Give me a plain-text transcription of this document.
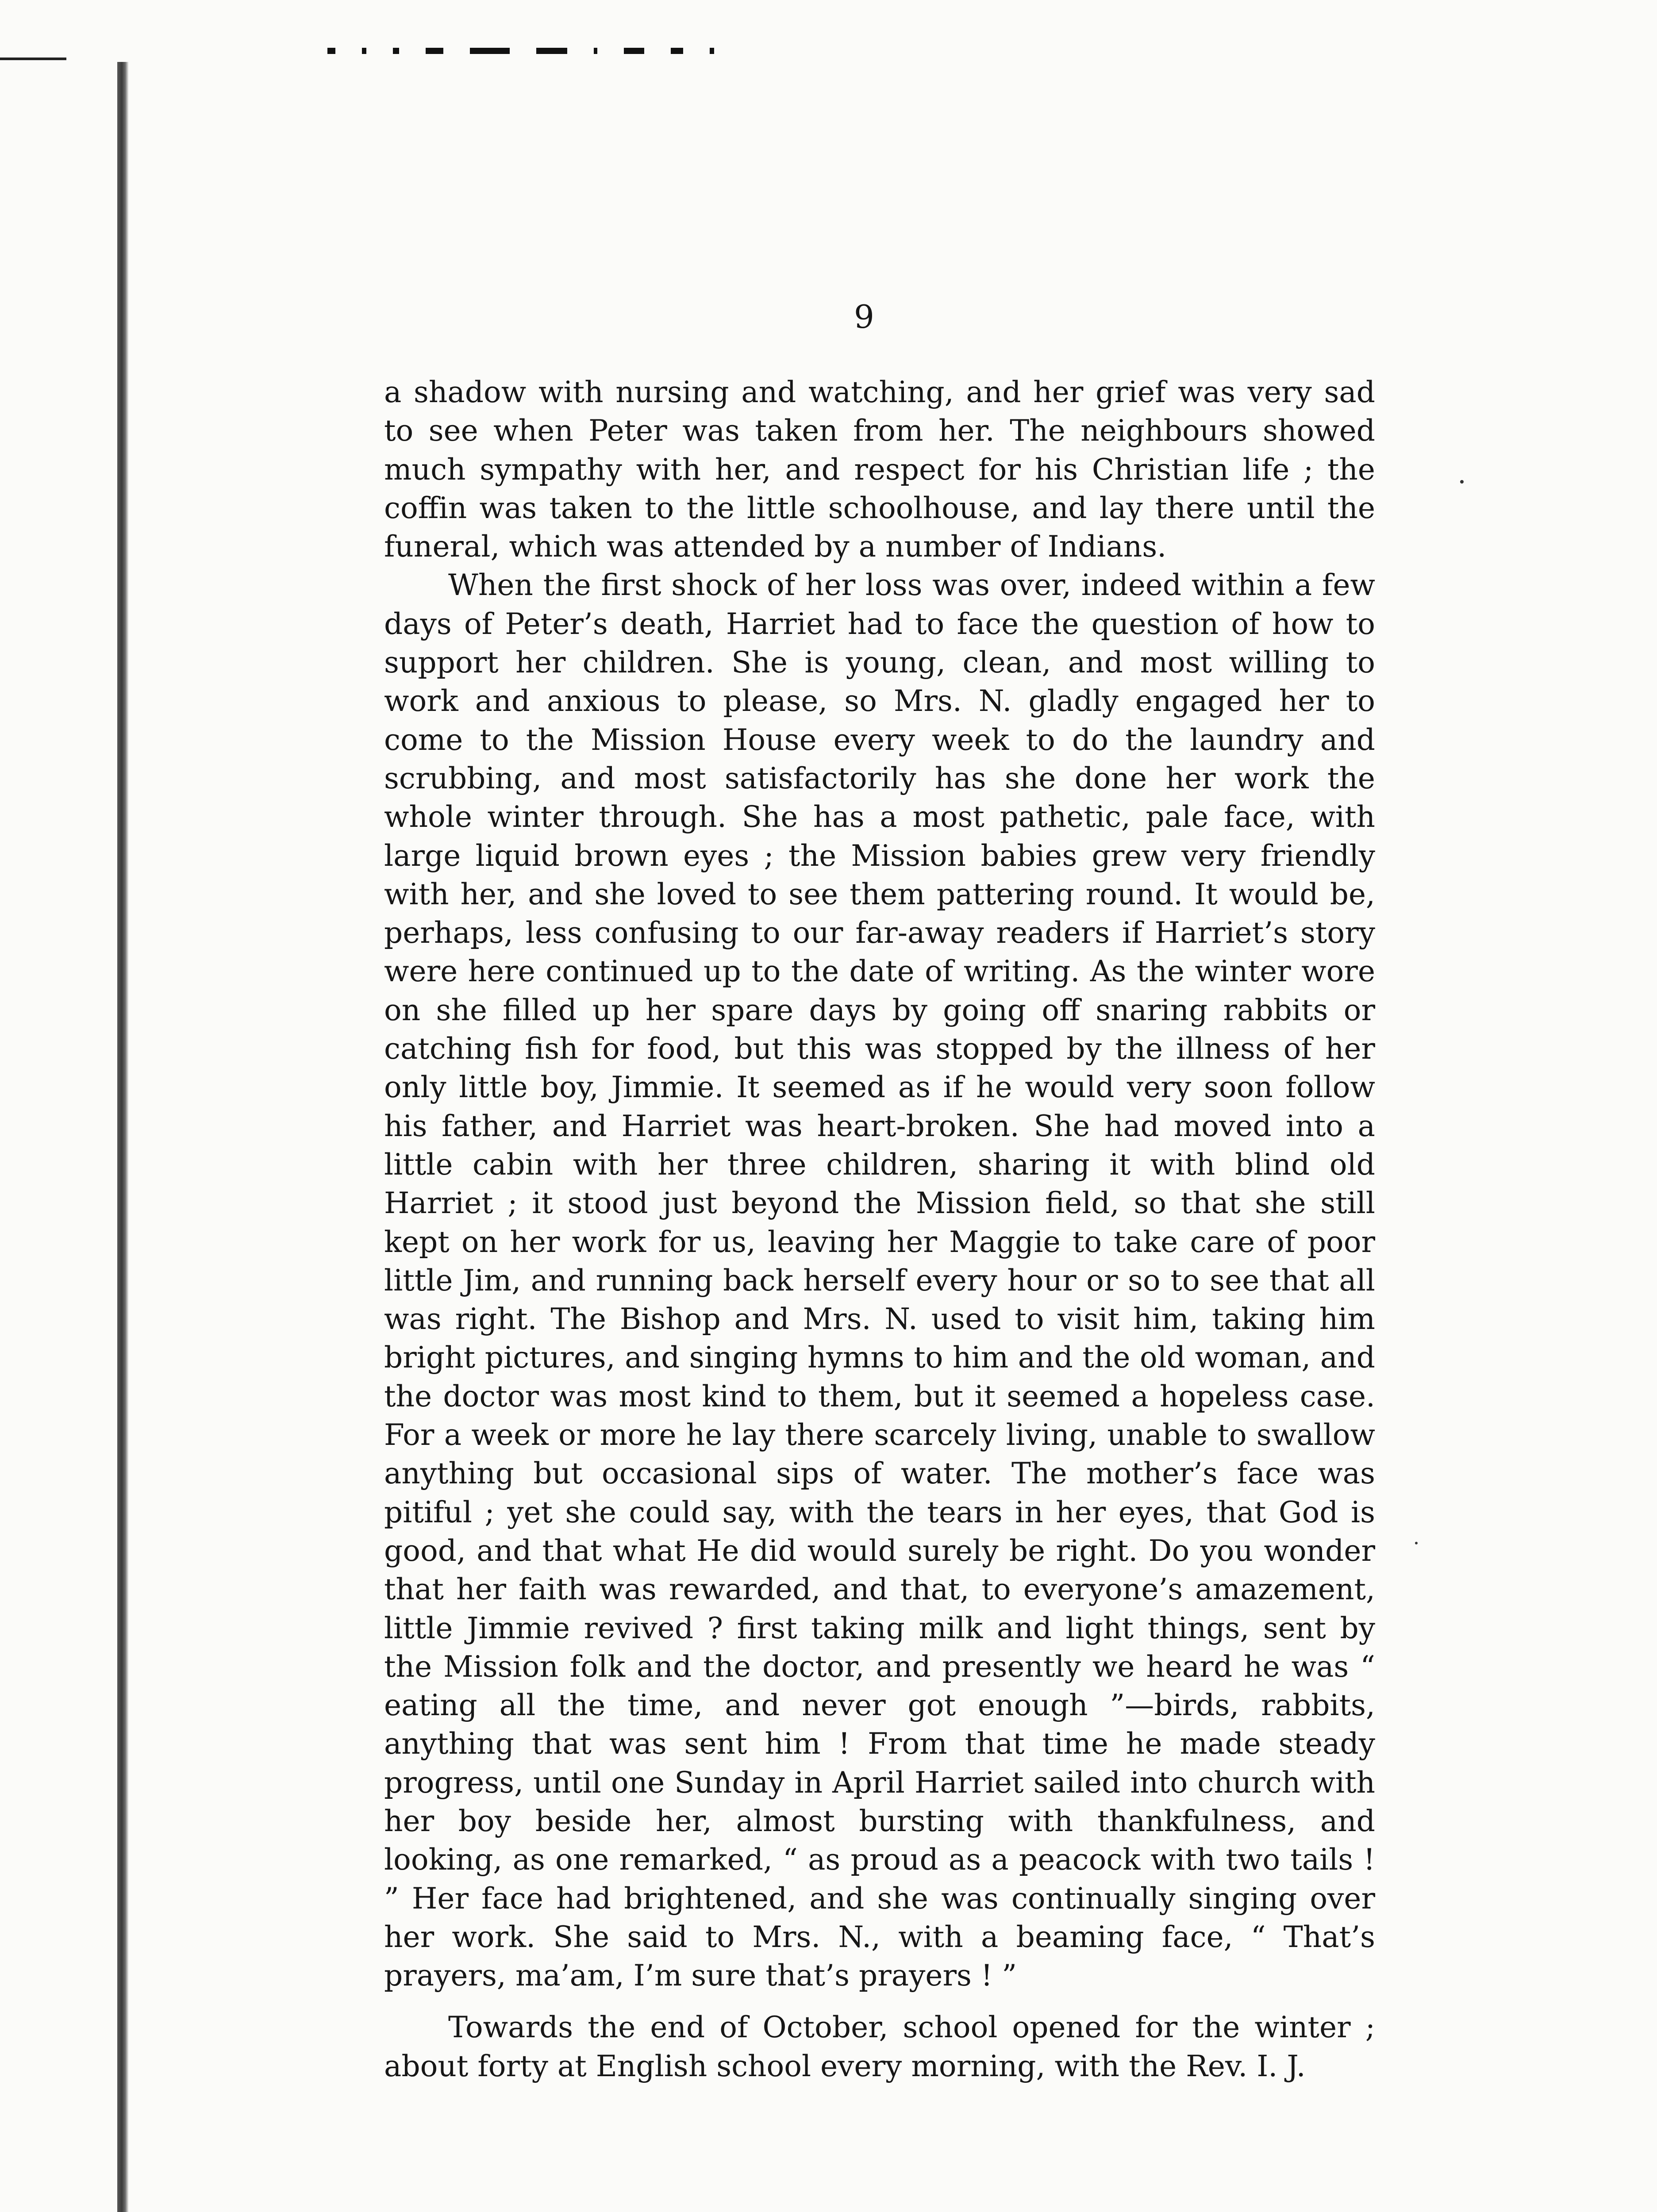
9

a shadow with nursing and watching, and her grief was very sad to see when Peter was taken from her. The neighbours showed much sympathy with her, and respect for his Christian life ; the coffin was taken to the little schoolhouse, and lay there until the funeral, which was attended by a number of Indians.

When the first shock of her loss was over, indeed within a few days of Peter’s death, Harriet had to face the question of how to support her children. She is young, clean, and most willing to work and anxious to please, so Mrs. N. gladly engaged her to come to the Mission House every week to do the laundry and scrubbing, and most satisfactorily has she done her work the whole winter through. She has a most pathetic, pale face, with large liquid brown eyes ; the Mission babies grew very friendly with her, and she loved to see them pattering round. It would be, perhaps, less confusing to our far-away readers if Harriet’s story were here continued up to the date of writing. As the winter wore on she filled up her spare days by going off snaring rabbits or catching fish for food, but this was stopped by the illness of her only little boy, Jimmie. It seemed as if he would very soon follow his father, and Harriet was heart-broken. She had moved into a little cabin with her three children, sharing it with blind old Harriet ; it stood just beyond the Mission field, so that she still kept on her work for us, leaving her Maggie to take care of poor little Jim, and running back herself every hour or so to see that all was right. The Bishop and Mrs. N. used to visit him, taking him bright pictures, and singing hymns to him and the old woman, and the doctor was most kind to them, but it seemed a hopeless case. For a week or more he lay there scarcely living, unable to swallow anything but occasional sips of water. The mother’s face was pitiful ; yet she could say, with the tears in her eyes, that God is good, and that what He did would surely be right. Do you wonder that her faith was rewarded, and that, to everyone’s amazement, little Jimmie revived ? first taking milk and light things, sent by the Mission folk and the doctor, and presently we heard he was “ eating all the time, and never got enough ”—birds, rabbits, anything that was sent him ! From that time he made steady progress, until one Sunday in April Harriet sailed into church with her boy beside her, almost bursting with thankfulness, and looking, as one remarked, “ as proud as a peacock with two tails ! ” Her face had brightened, and she was continually singing over her work. She said to Mrs. N., with a beaming face, “ That’s prayers, ma’am, I’m sure that’s prayers ! ”

Towards the end of October, school opened for the winter ; about forty at English school every morning, with the Rev. I. J.
